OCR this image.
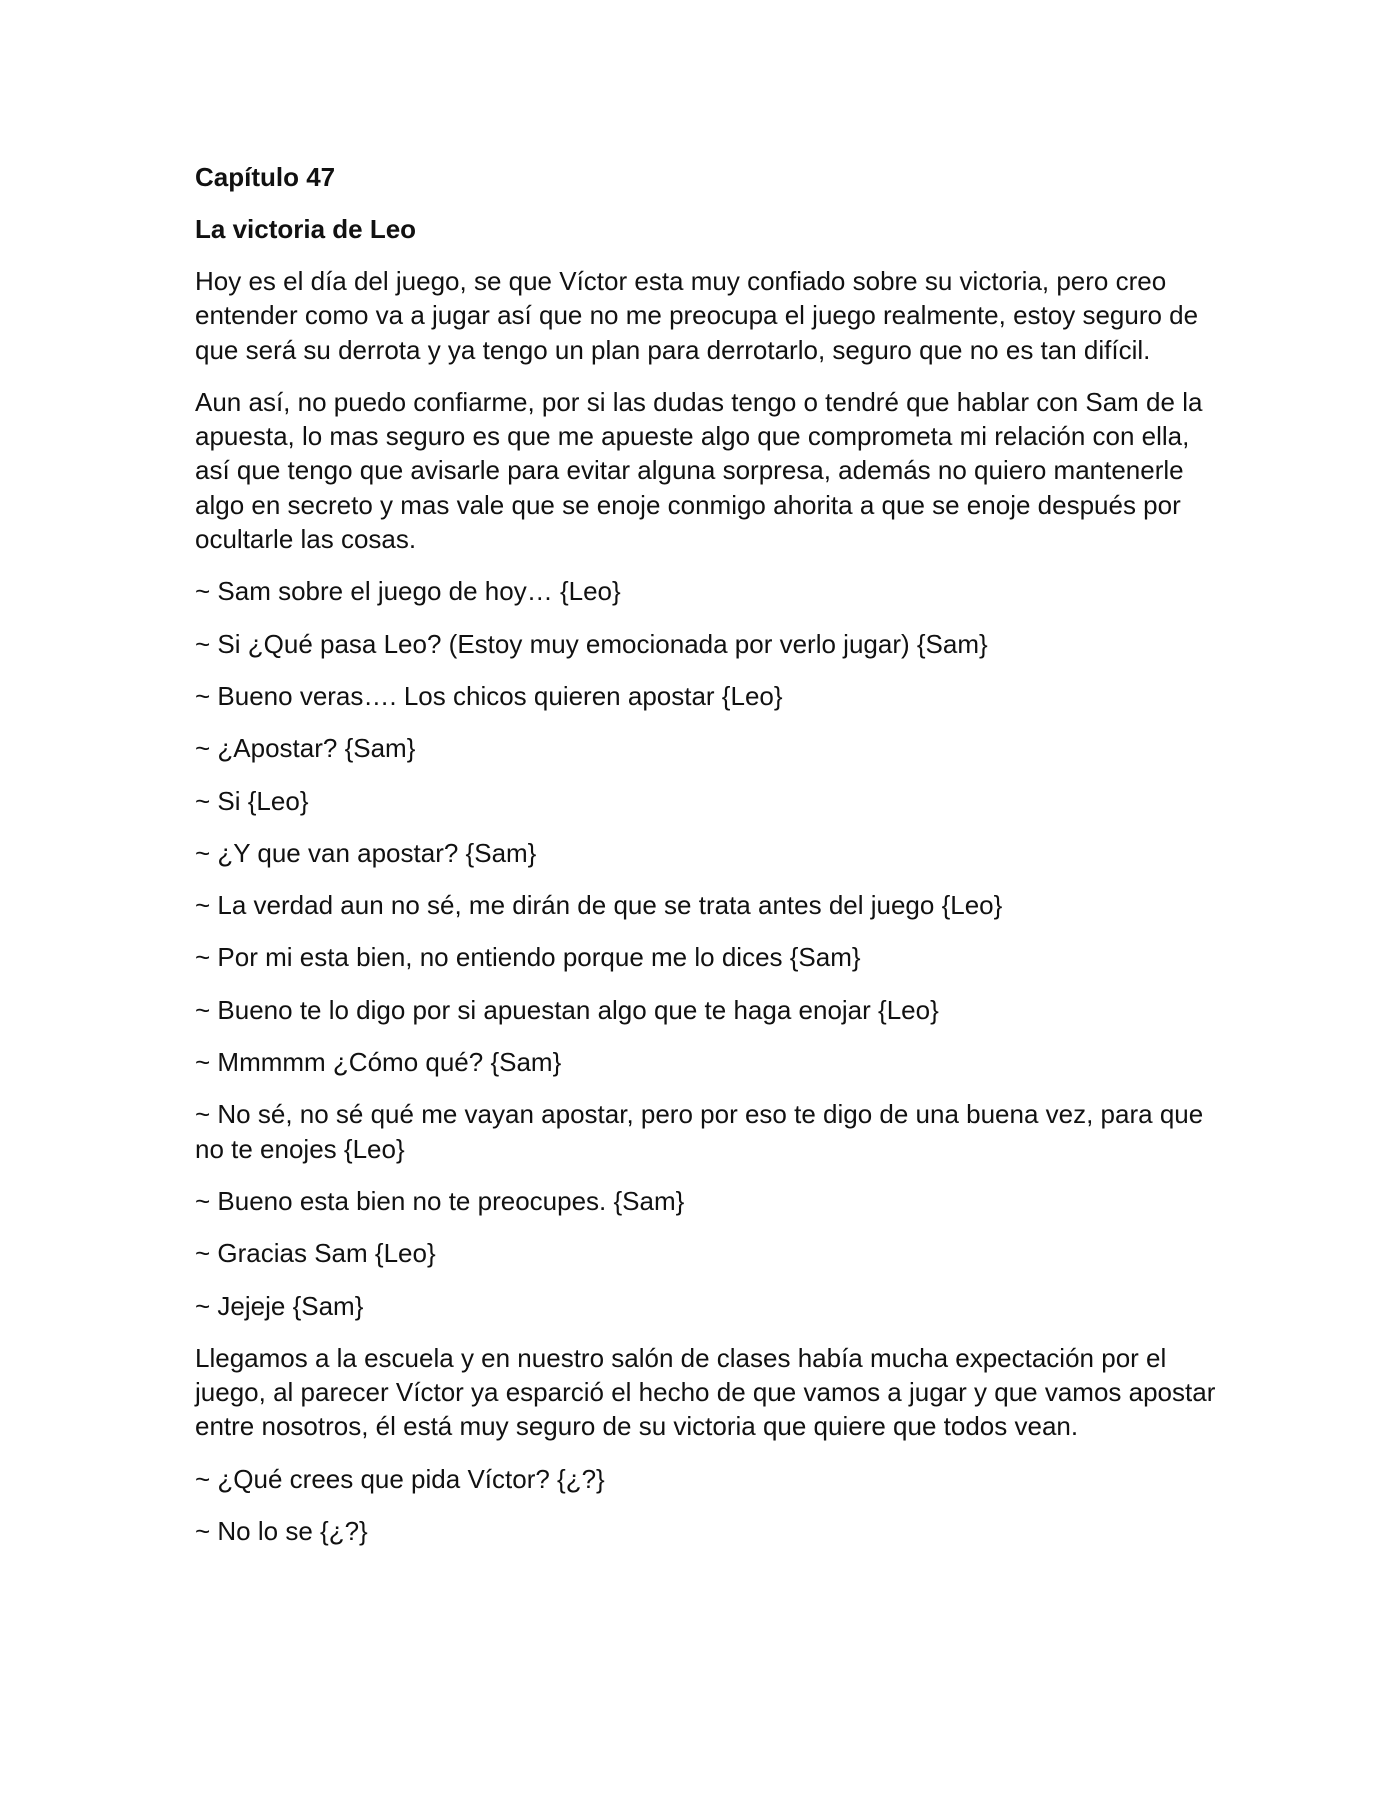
Capítulo 47
La victoria de Leo

Hoy es el día del juego, se que Víctor esta muy confiado sobre su victoria, pero creo entender como va a jugar así que no me preocupa el juego realmente, estoy seguro de que será su derrota y ya tengo un plan para derrotarlo, seguro que no es tan difícil.

Aun así, no puedo confiarme, por si las dudas tengo o tendré que hablar con Sam de la apuesta, lo mas seguro es que me apueste algo que comprometa mi relación con ella, así que tengo que avisarle para evitar alguna sorpresa, además no quiero mantenerle algo en secreto y mas vale que se enoje conmigo ahorita a que se enoje después por ocultarle las cosas.

~ Sam sobre el juego de hoy… {Leo}

~ Si ¿Qué pasa Leo? (Estoy muy emocionada por verlo jugar) {Sam}

~ Bueno veras…. Los chicos quieren apostar {Leo}

~ ¿Apostar? {Sam}

~ Si {Leo}

~ ¿Y que van apostar? {Sam}

~ La verdad aun no sé, me dirán de que se trata antes del juego {Leo}

~ Por mi esta bien, no entiendo porque me lo dices {Sam}

~ Bueno te lo digo por si apuestan algo que te haga enojar {Leo}

~ Mmmmm ¿Cómo qué? {Sam}

~ No sé, no sé qué me vayan apostar, pero por eso te digo de una buena vez, para que no te enojes {Leo}

~ Bueno esta bien no te preocupes. {Sam}

~ Gracias Sam {Leo}

~ Jejeje {Sam}

Llegamos a la escuela y en nuestro salón de clases había mucha expectación por el juego, al parecer Víctor ya esparció el hecho de que vamos a jugar y que vamos apostar entre nosotros, él está muy seguro de su victoria que quiere que todos vean.

~ ¿Qué crees que pida Víctor? {¿?}

~ No lo se {¿?}
